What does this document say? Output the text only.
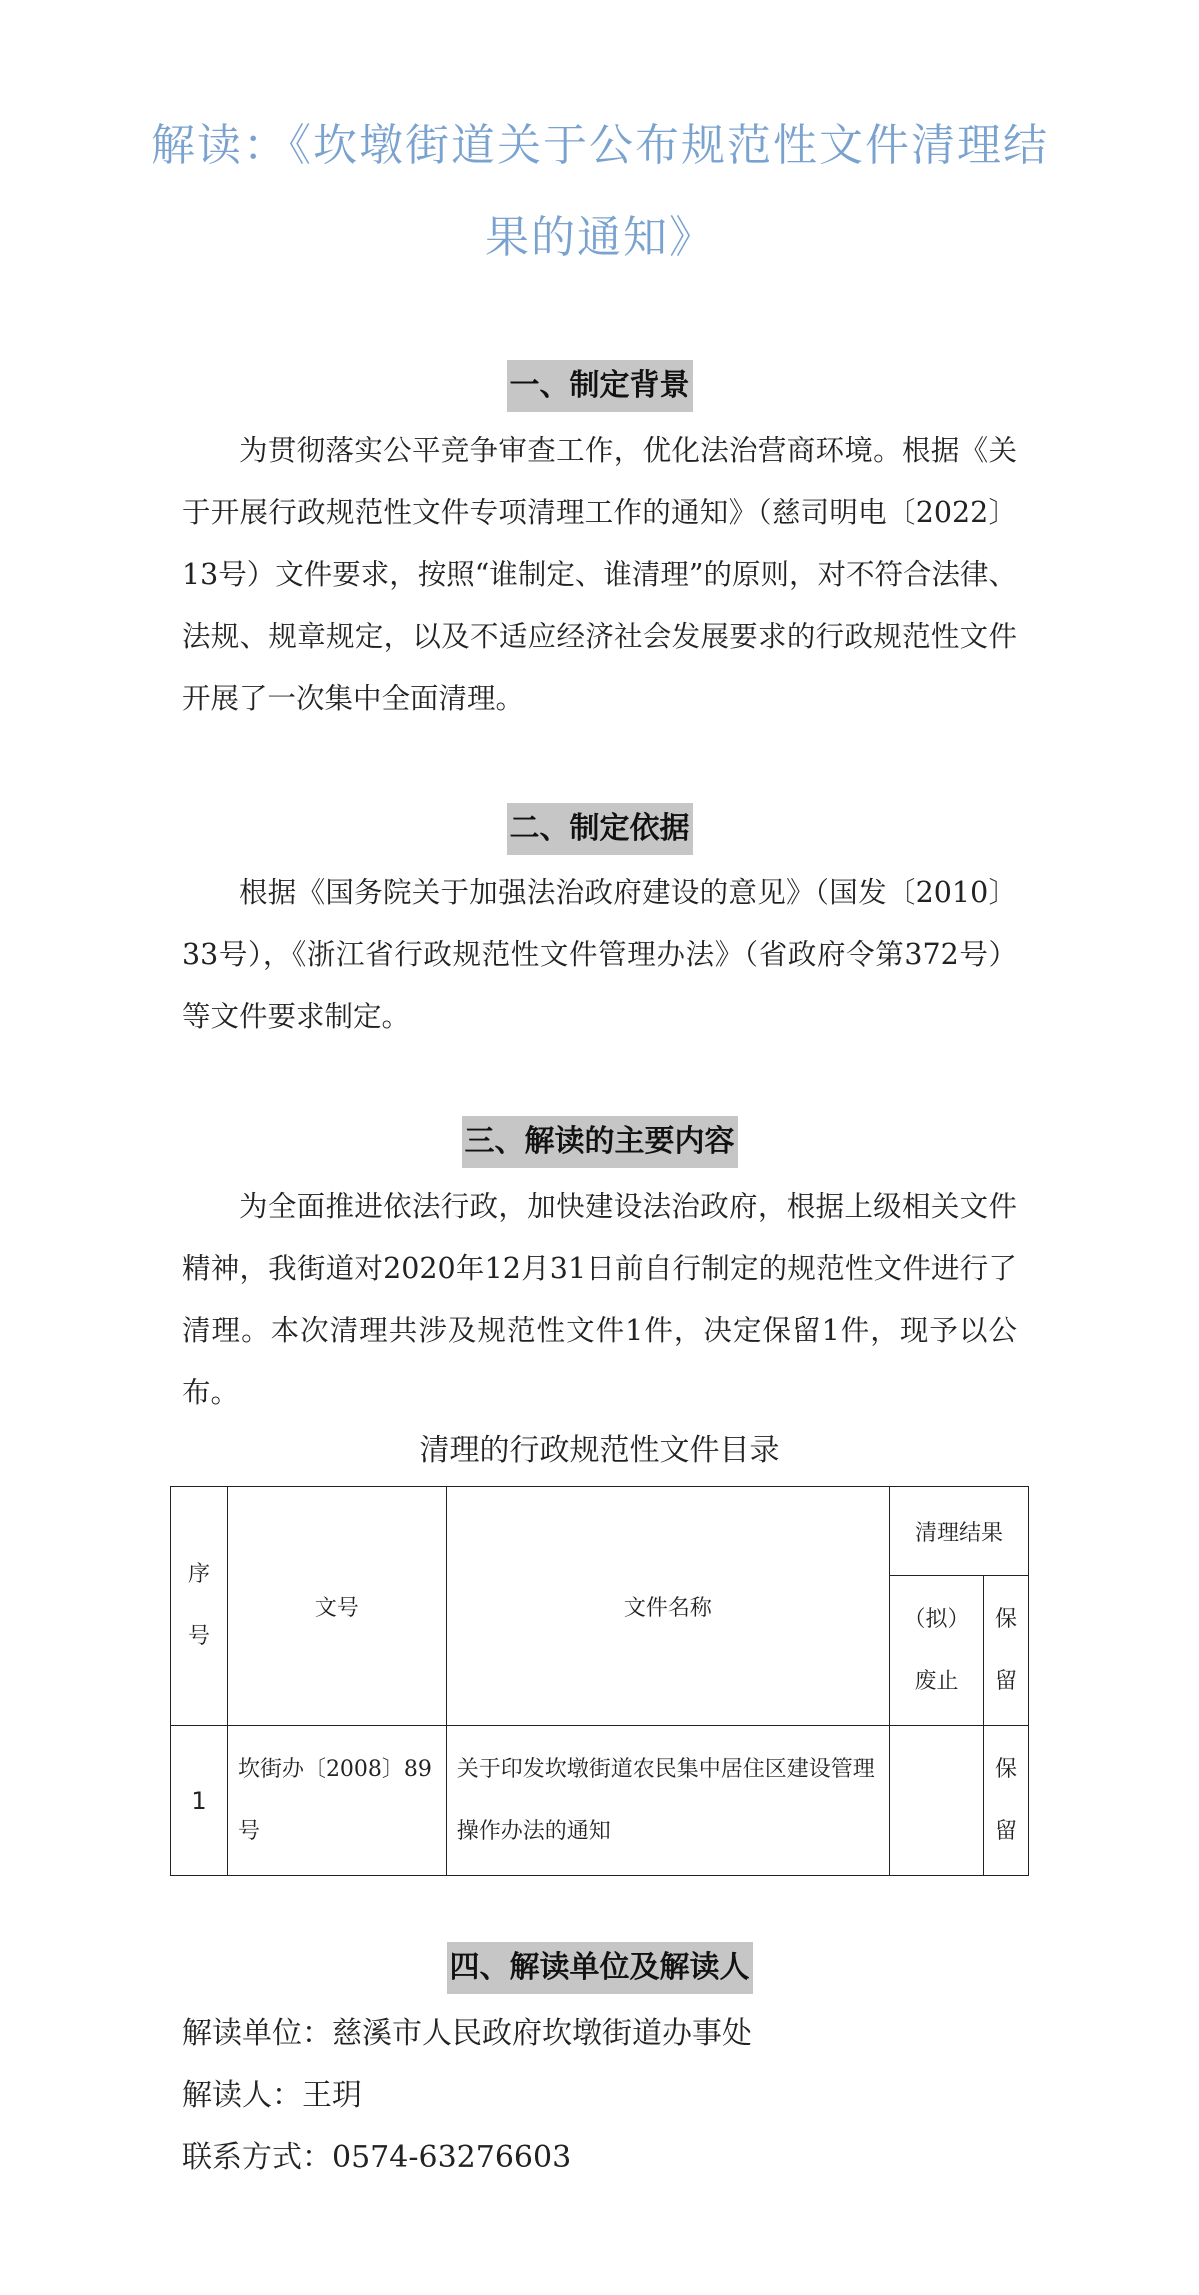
解读：《坎墩街道关于公布规范性文件清理结果的通知》
一、制定背景

为贯彻落实公平竞争审查工作，优化法治营商环境。根据《关于开展行政规范性文件专项清理工作的通知》（慈司明电〔2022〕13号）文件要求，按照“谁制定、谁清理”的原则，对不符合法律、法规、规章规定，以及不适应经济社会发展要求的行政规范性文件开展了一次集中全面清理。

二、制定依据

根据《国务院关于加强法治政府建设的意见》（国发〔2010〕33号），《浙江省行政规范性文件管理办法》（省政府令第372号）等文件要求制定。

三、解读的主要内容

为全面推进依法行政，加快建设法治政府，根据上级相关文件精神，我街道对2020年12月31日前自行制定的规范性文件进行了清理。本次清理共涉及规范性文件1件，决定保留1件，现予以公布。

清理的行政规范性文件目录

序号	文号	文件名称	清理结果	
			（拟）废止	保留
1	坎街办〔2008〕89号	关于印发坎墩街道农民集中居住区建设管理操作办法的通知		保留
四、解读单位及解读人

解读单位：慈溪市人民政府坎墩街道办事处

解读人：王玥

联系方式：0574-63276603
